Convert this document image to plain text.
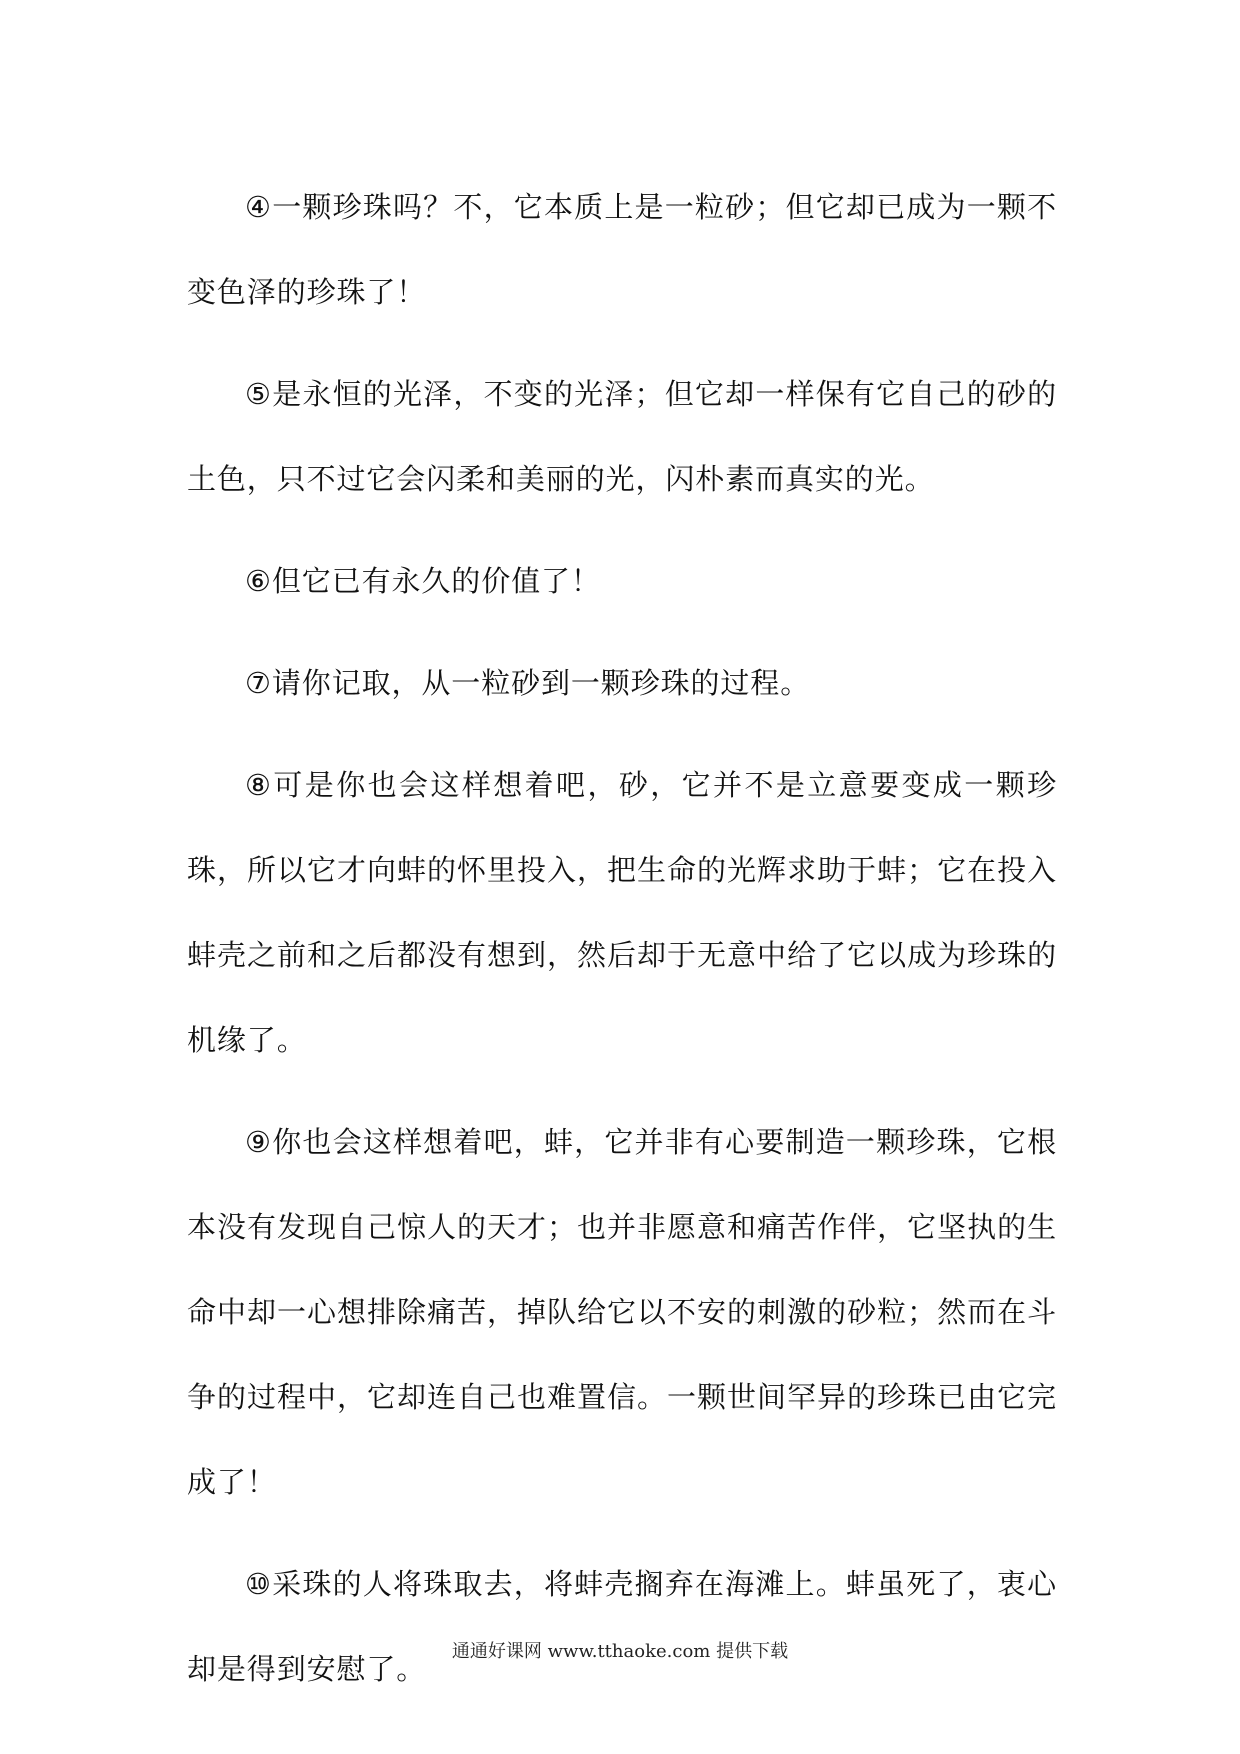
④一颗珍珠吗？不，它本质上是一粒砂；但它却已成为一颗不变色泽的珍珠了！

⑤是永恒的光泽，不变的光泽；但它却一样保有它自己的砂的土色，只不过它会闪柔和美丽的光，闪朴素而真实的光。

⑥但它已有永久的价值了！

⑦请你记取，从一粒砂到一颗珍珠的过程。

⑧可是你也会这样想着吧，砂，它并不是立意要变成一颗珍珠，所以它才向蚌的怀里投入，把生命的光辉求助于蚌；它在投入蚌壳之前和之后都没有想到，然后却于无意中给了它以成为珍珠的机缘了。

⑨你也会这样想着吧，蚌，它并非有心要制造一颗珍珠，它根本没有发现自己惊人的天才；也并非愿意和痛苦作伴，它坚执的生命中却一心想排除痛苦，掉队给它以不安的刺激的砂粒；然而在斗争的过程中，它却连自己也难置信。一颗世间罕异的珍珠已由它完成了！

⑩采珠的人将珠取去，将蚌壳搁弃在海滩上。蚌虽死了，衷心却是得到安慰了。

通通好课网 www.tthaoke.com 提供下载
